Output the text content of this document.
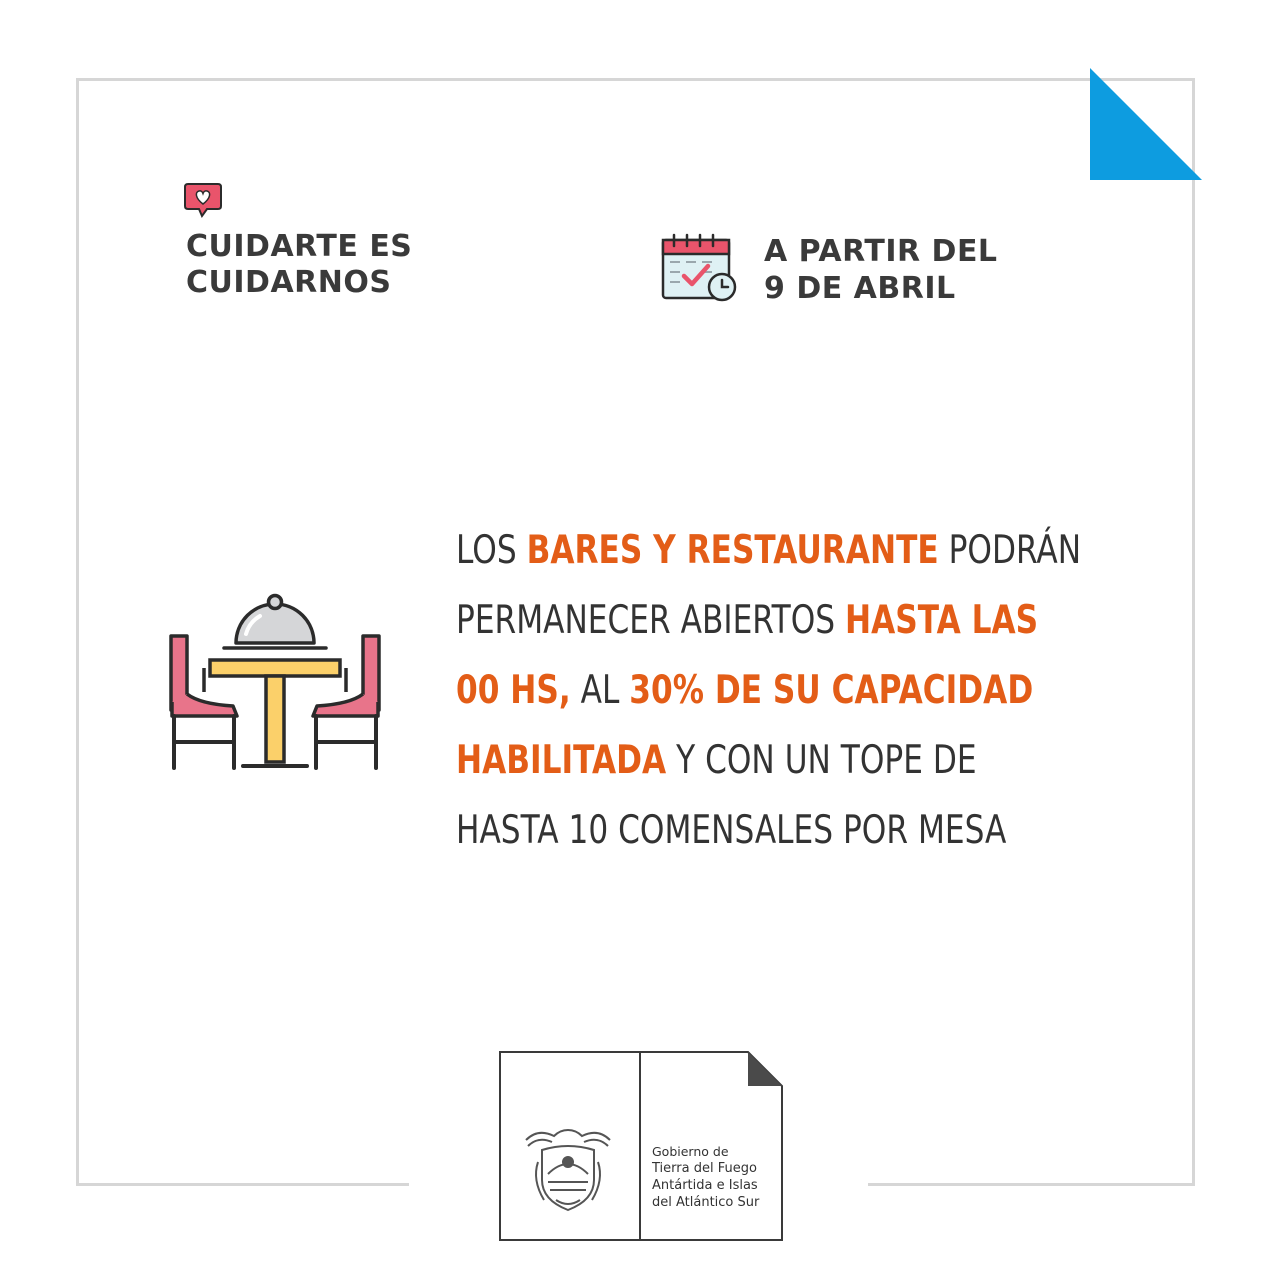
CUIDARTE ES
CUIDARNOS
A PARTIR DEL
9 DE ABRIL
LOS BARES Y RESTAURANTE PODRÁN
PERMANECER ABIERTOS HASTA LAS
00 HS, AL 30% DE SU CAPACIDAD
HABILITADA Y CON UN TOPE DE
HASTA 10 COMENSALES POR MESA
Gobierno de
Tierra del Fuego
Antártida e Islas
del Atlántico Sur
